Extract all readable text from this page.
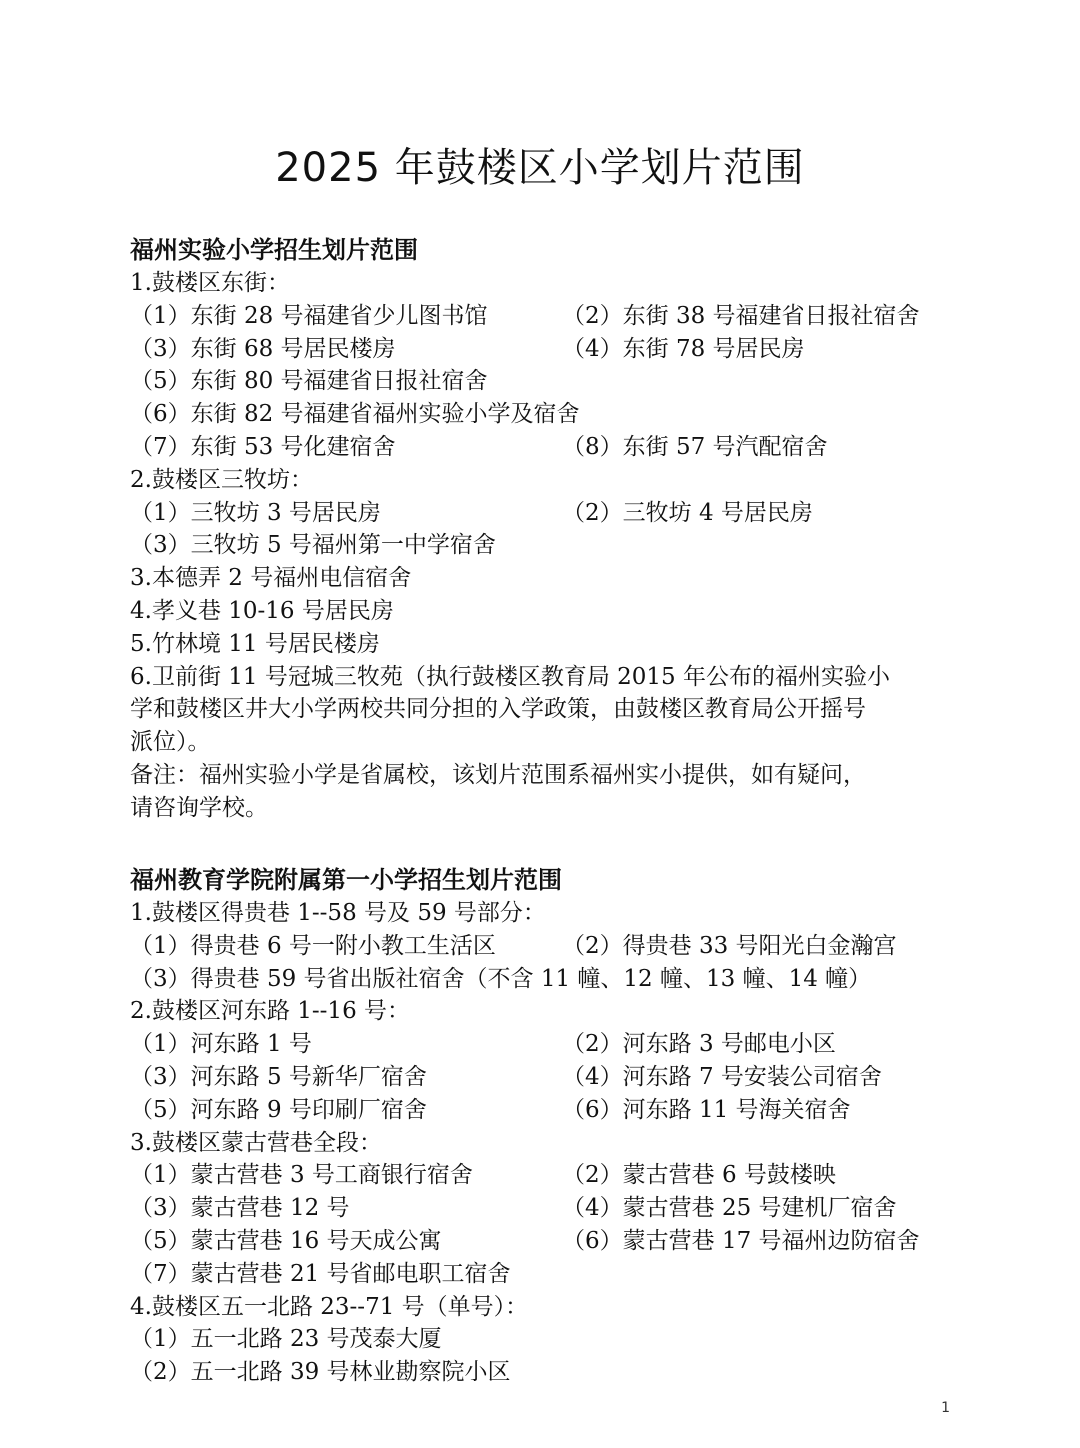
2025 年鼓楼区小学划片范围
福州实验小学招生划片范围
1.鼓楼区东街：
（1）东街 28 号福建省少儿图书馆	（2）东街 38 号福建省日报社宿舍
（3）东街 68 号居民楼房	（4）东街 78 号居民房
（5）东街 80 号福建省日报社宿舍
（6）东街 82 号福建省福州实验小学及宿舍
（7）东街 53 号化建宿舍	（8）东街 57 号汽配宿舍
2.鼓楼区三牧坊：
（1）三牧坊 3 号居民房	（2）三牧坊 4 号居民房
（3）三牧坊 5 号福州第一中学宿舍
3.本德弄 2 号福州电信宿舍
4.孝义巷 10-16 号居民房
5.竹林境 11 号居民楼房
6.卫前街 11 号冠城三牧苑（执行鼓楼区教育局 2015 年公布的福州实验小
学和鼓楼区井大小学两校共同分担的入学政策，由鼓楼区教育局公开摇号
派位）。
备注：福州实验小学是省属校，该划片范围系福州实小提供，如有疑问，
请咨询学校。
福州教育学院附属第一小学招生划片范围
1.鼓楼区得贵巷 1--58 号及 59 号部分：
（1）得贵巷 6 号一附小教工生活区	（2）得贵巷 33 号阳光白金瀚宫
（3）得贵巷 59 号省出版社宿舍（不含 11 幢、12 幢、13 幢、14 幢）
2.鼓楼区河东路 1--16 号：
（1）河东路 1 号	（2）河东路 3 号邮电小区
（3）河东路 5 号新华厂宿舍	（4）河东路 7 号安装公司宿舍
（5）河东路 9 号印刷厂宿舍	（6）河东路 11 号海关宿舍
3.鼓楼区蒙古营巷全段：
（1）蒙古营巷 3 号工商银行宿舍	（2）蒙古营巷 6 号鼓楼映
（3）蒙古营巷 12 号	（4）蒙古营巷 25 号建机厂宿舍
（5）蒙古营巷 16 号天成公寓	（6）蒙古营巷 17 号福州边防宿舍
（7）蒙古营巷 21 号省邮电职工宿舍
4.鼓楼区五一北路 23--71 号（单号）：
（1）五一北路 23 号茂泰大厦
（2）五一北路 39 号林业勘察院小区
1
